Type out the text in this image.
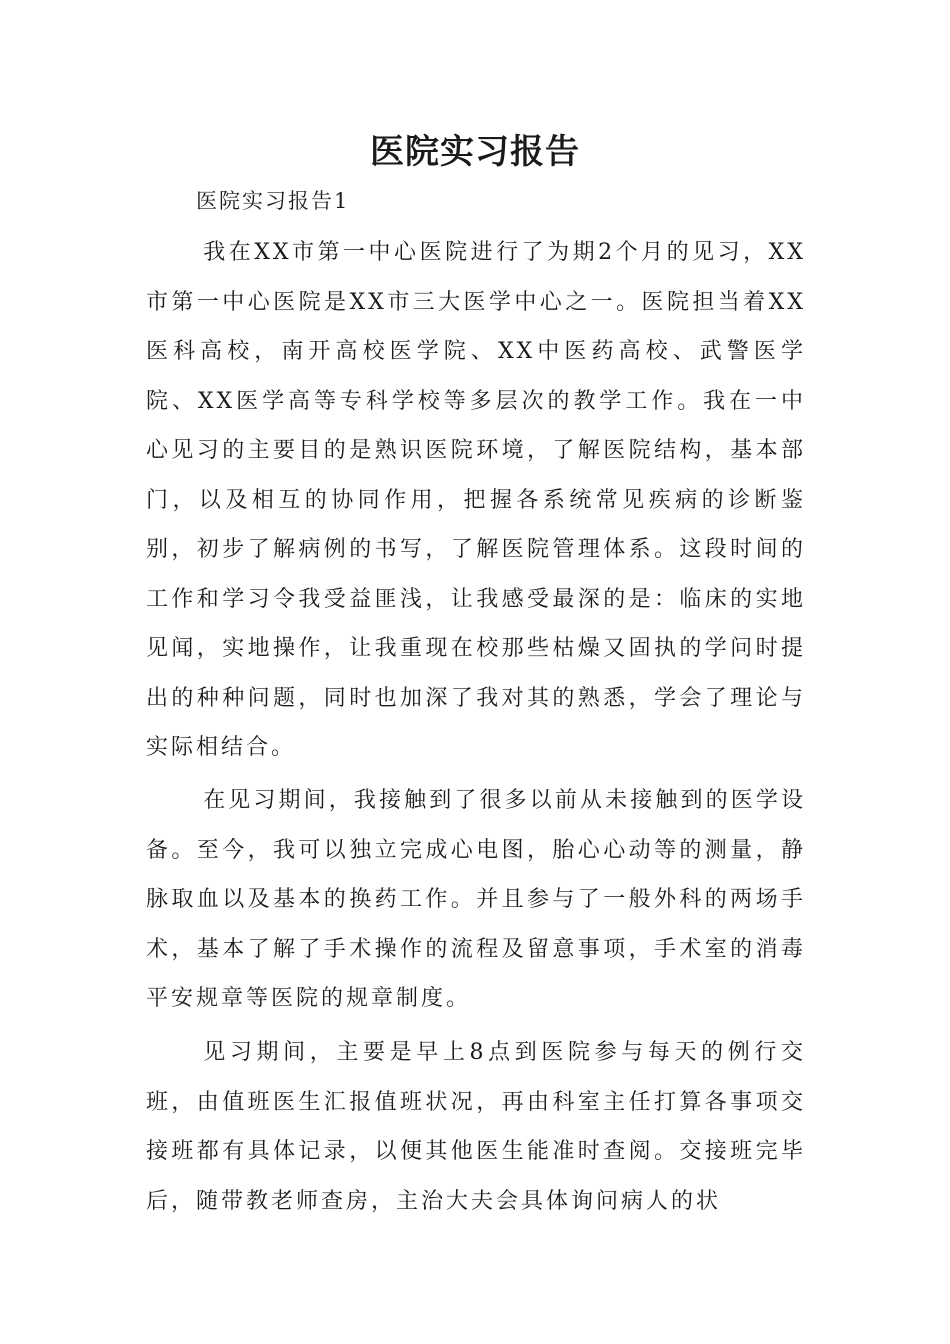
医院实习报告
医院实习报告1

我在XX市第一中心医院进行了为期2个月的见习，XX市第一中心医院是XX市三大医学中心之一。医院担当着XX医科高校，南开高校医学院、XX中医药高校、武警医学院、XX医学高等专科学校等多层次的教学工作。我在一中心见习的主要目的是熟识医院环境，了解医院结构，基本部门，以及相互的协同作用，把握各系统常见疾病的诊断鉴别，初步了解病例的书写，了解医院管理体系。这段时间的工作和学习令我受益匪浅，让我感受最深的是：临床的实地见闻，实地操作，让我重现在校那些枯燥又固执的学问时提出的种种问题，同时也加深了我对其的熟悉，学会了理论与实际相结合。

在见习期间，我接触到了很多以前从未接触到的医学设备。至今，我可以独立完成心电图，胎心心动等的测量，静脉取血以及基本的换药工作。并且参与了一般外科的两场手术，基本了解了手术操作的流程及留意事项，手术室的消毒平安规章等医院的规章制度。

见习期间，主要是早上8点到医院参与每天的例行交班，由值班医生汇报值班状况，再由科室主任打算各事项交接班都有具体记录，以便其他医生能准时查阅。交接班完毕后，随带教老师查房，主治大夫会具体询问病人的状
